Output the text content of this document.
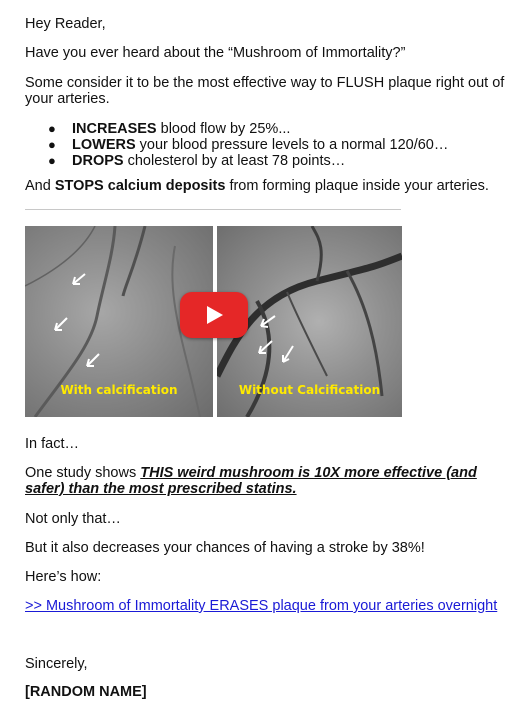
Hey Reader,

Have you ever heard about the “Mushroom of Immortality?”

Some consider it to be the most effective way to FLUSH plaque right out of your arteries.

● INCREASES blood flow by 25%...
● LOWERS your blood pressure levels to a normal 120/60…
● DROPS cholesterol by at least 78 points…

And STOPS calcium deposits from forming plaque inside your arteries.

With calcification	Without Calcification

In fact…

One study shows THIS weird mushroom is 10X more effective (and safer) than the most prescribed statins.

Not only that…

But it also decreases your chances of having a stroke by 38%!

Here’s how:

>> Mushroom of Immortality ERASES plaque from your arteries overnight

Sincerely,

[RANDOM NAME]
